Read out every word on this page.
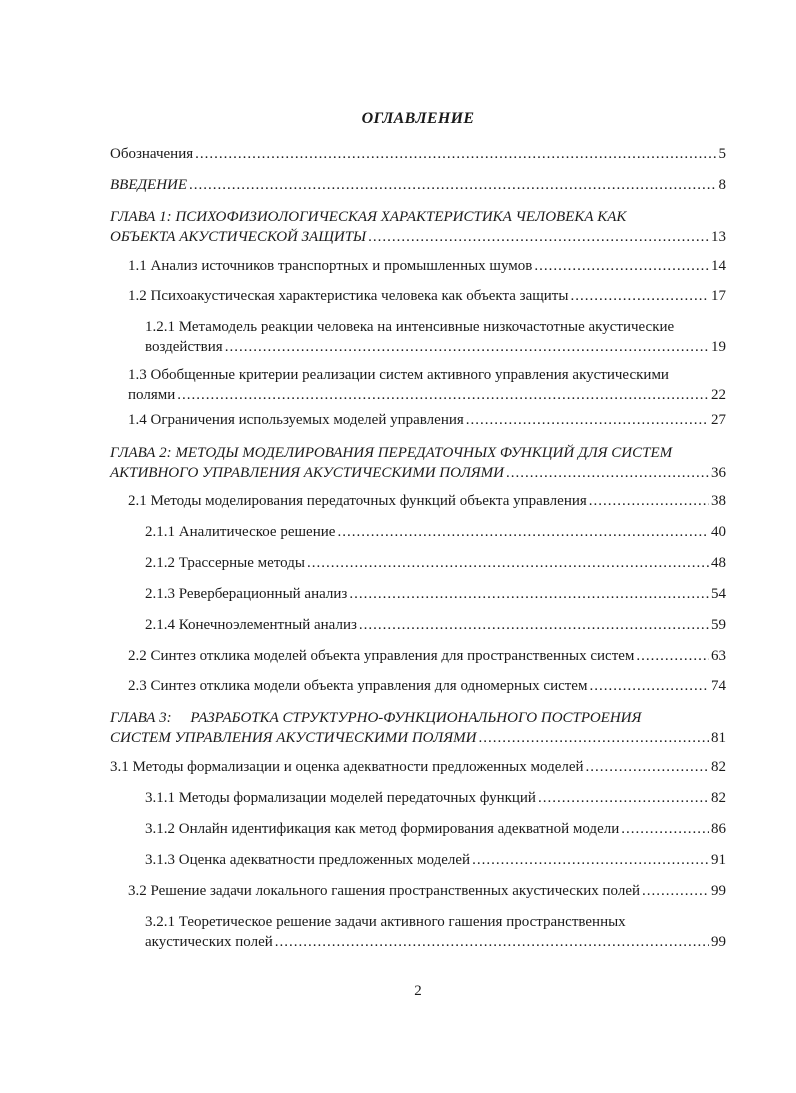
ОГЛАВЛЕНИЕ
Обозначения .....	5
ВВЕДЕНИЕ .....	8
ГЛАВА 1: ПСИХОФИЗИОЛОГИЧЕСКАЯ ХАРАКТЕРИСТИКА ЧЕЛОВЕКА КАК
ОБЪЕКТА АКУСТИЧЕСКОЙ ЗАЩИТЫ .....	13
1.1 Анализ источников транспортных и промышленных шумов .....	14
1.2 Психоакустическая характеристика человека как объекта защиты .....	17
1.2.1 Метамодель реакции человека на интенсивные низкочастотные акустические
воздействия .....	19
1.3 Обобщенные критерии реализации систем активного управления акустическими
полями .....	22
1.4 Ограничения используемых моделей управления .....	27
ГЛАВА 2: МЕТОДЫ МОДЕЛИРОВАНИЯ ПЕРЕДАТОЧНЫХ ФУНКЦИЙ ДЛЯ СИСТЕМ
АКТИВНОГО УПРАВЛЕНИЯ АКУСТИЧЕСКИМИ ПОЛЯМИ .....	36
2.1 Методы моделирования передаточных функций объекта управления .....	38
2.1.1 Аналитическое решение .....	40
2.1.2 Трассерные методы .....	48
2.1.3 Реверберационный анализ .....	54
2.1.4 Конечноэлементный анализ .....	59
2.2 Синтез отклика моделей объекта управления для пространственных систем .....	63
2.3 Синтез отклика модели объекта управления для одномерных систем .....	74
ГЛАВА 3:     РАЗРАБОТКА СТРУКТУРНО-ФУНКЦИОНАЛЬНОГО ПОСТРОЕНИЯ
СИСТЕМ УПРАВЛЕНИЯ АКУСТИЧЕСКИМИ ПОЛЯМИ .....	81
3.1 Методы формализации и оценка адекватности предложенных моделей .....	82
3.1.1 Методы формализации моделей передаточных функций .....	82
3.1.2 Онлайн идентификация как метод формирования адекватной модели .....	86
3.1.3 Оценка адекватности предложенных моделей .....	91
3.2 Решение задачи локального гашения пространственных акустических полей .....	99
3.2.1 Теоретическое решение задачи активного гашения пространственных
акустических полей .....	99
2
